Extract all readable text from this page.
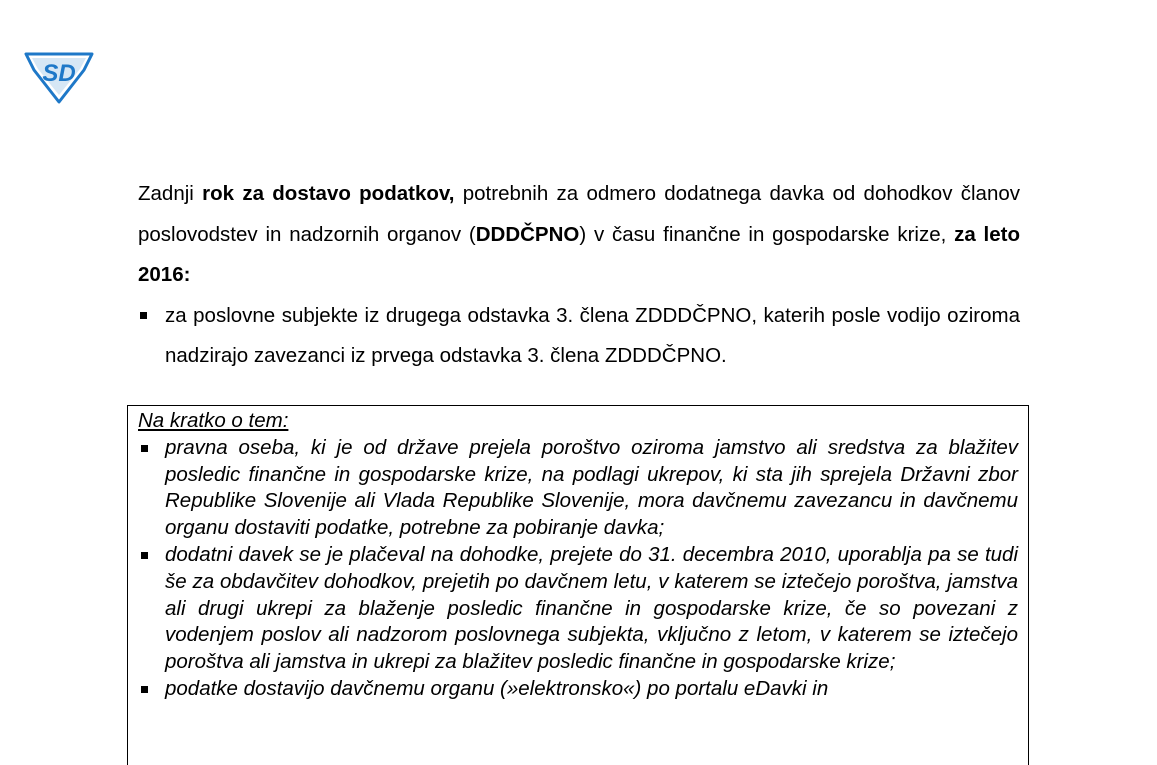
SD

Zadnji rok za dostavo podatkov, potrebnih za odmero dodatnega davka od dohodkov članov poslovodstev in nadzornih organov (DDDČPNO) v času finančne in gospodarske krize, za leto 2016:

za poslovne subjekte iz drugega odstavka 3. člena ZDDDČPNO, katerih posle vodijo oziroma nadzirajo zavezanci iz prvega odstavka 3. člena ZDDDČPNO.

Na kratko o tem:

pravna oseba, ki je od države prejela poroštvo oziroma jamstvo ali sredstva za blažitev posledic finančne in gospodarske krize, na podlagi ukrepov, ki sta jih sprejela Državni zbor Republike Slovenije ali Vlada Republike Slovenije, mora davčnemu zavezancu in davčnemu organu dostaviti podatke, potrebne za pobiranje davka;
dodatni davek se je plačeval na dohodke, prejete do 31. decembra 2010, uporablja pa se tudi še za obdavčitev dohodkov, prejetih po davčnem letu, v katerem se iztečejo poroštva, jamstva ali drugi ukrepi za blaženje posledic finančne in gospodarske krize, če so povezani z vodenjem poslov ali nadzorom poslovnega subjekta, vključno z letom, v katerem se iztečejo poroštva ali jamstva in ukrepi za blažitev posledic finančne in gospodarske krize;
podatke dostavijo davčnemu organu (»elektronsko«) po portalu eDavki in
